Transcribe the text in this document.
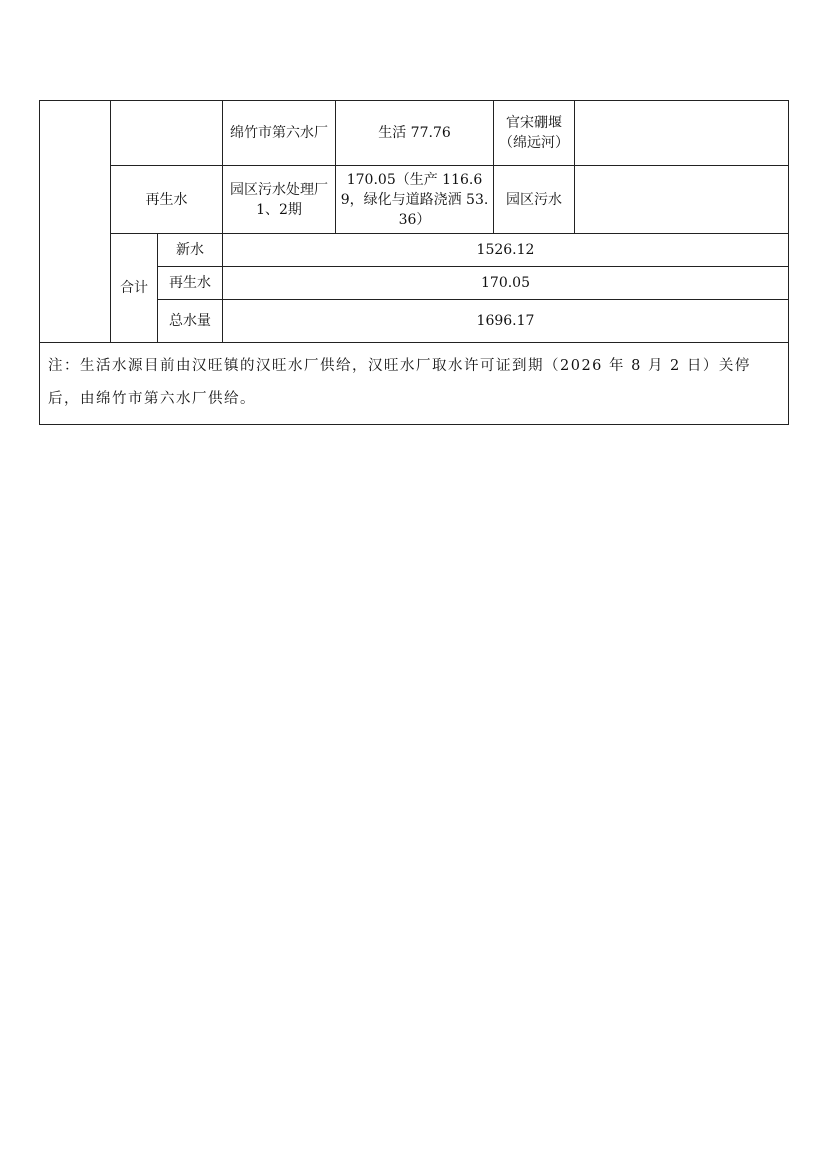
			绵竹市第六水厂	生活 77.76	官宋硼堰（绵远河）	
	再生水		园区污水处理厂1、2期	170.05（生产 116.69，绿化与道路浇洒 53.36）	园区污水	
	合计	新水	1526.12			
		再生水	170.05			
		总水量	1696.17			
注：生活水源目前由汉旺镇的汉旺水厂供给，汉旺水厂取水许可证到期（2026 年 8 月 2 日）关停后，由绵竹市第六水厂供给。						
